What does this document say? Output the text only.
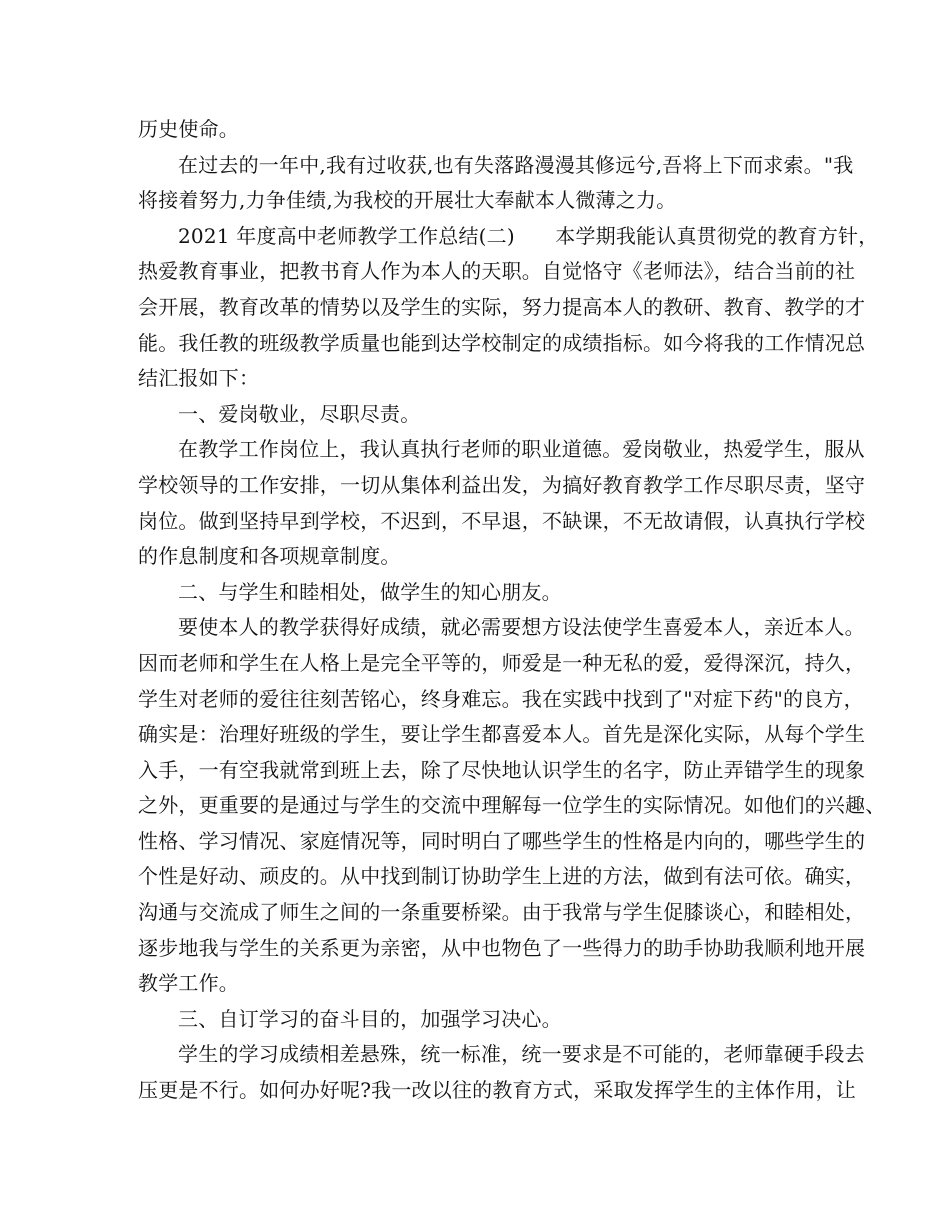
历史使命。
在过去的一年中,我有过收获,也有失落路漫漫其修远兮,吾将上下而求索。"我
将接着努力,力争佳绩,为我校的开展壮大奉献本人微薄之力。
2021 年度高中老师教学工作总结(二)　　本学期我能认真贯彻党的教育方针，
热爱教育事业，把教书育人作为本人的天职。自觉恪守《老师法》，结合当前的社
会开展，教育改革的情势以及学生的实际，努力提高本人的教研、教育、教学的才
能。我任教的班级教学质量也能到达学校制定的成绩指标。如今将我的工作情况总
结汇报如下：
一、爱岗敬业，尽职尽责。
在教学工作岗位上，我认真执行老师的职业道德。爱岗敬业，热爱学生，服从
学校领导的工作安排，一切从集体利益出发，为搞好教育教学工作尽职尽责，坚守
岗位。做到坚持早到学校，不迟到，不早退，不缺课，不无故请假，认真执行学校
的作息制度和各项规章制度。
二、与学生和睦相处，做学生的知心朋友。
要使本人的教学获得好成绩，就必需要想方设法使学生喜爱本人，亲近本人。
因而老师和学生在人格上是完全平等的，师爱是一种无私的爱，爱得深沉，持久，
学生对老师的爱往往刻苦铭心，终身难忘。我在实践中找到了"对症下药"的良方，
确实是：治理好班级的学生，要让学生都喜爱本人。首先是深化实际，从每个学生
入手，一有空我就常到班上去，除了尽快地认识学生的名字，防止弄错学生的现象
之外，更重要的是通过与学生的交流中理解每一位学生的实际情况。如他们的兴趣、
性格、学习情况、家庭情况等，同时明白了哪些学生的性格是内向的，哪些学生的
个性是好动、顽皮的。从中找到制订协助学生上进的方法，做到有法可依。确实，
沟通与交流成了师生之间的一条重要桥梁。由于我常与学生促膝谈心，和睦相处，
逐步地我与学生的关系更为亲密，从中也物色了一些得力的助手协助我顺利地开展
教学工作。
三、自订学习的奋斗目的，加强学习决心。
学生的学习成绩相差悬殊，统一标准，统一要求是不可能的，老师靠硬手段去
压更是不行。如何办好呢?我一改以往的教育方式，采取发挥学生的主体作用，让
